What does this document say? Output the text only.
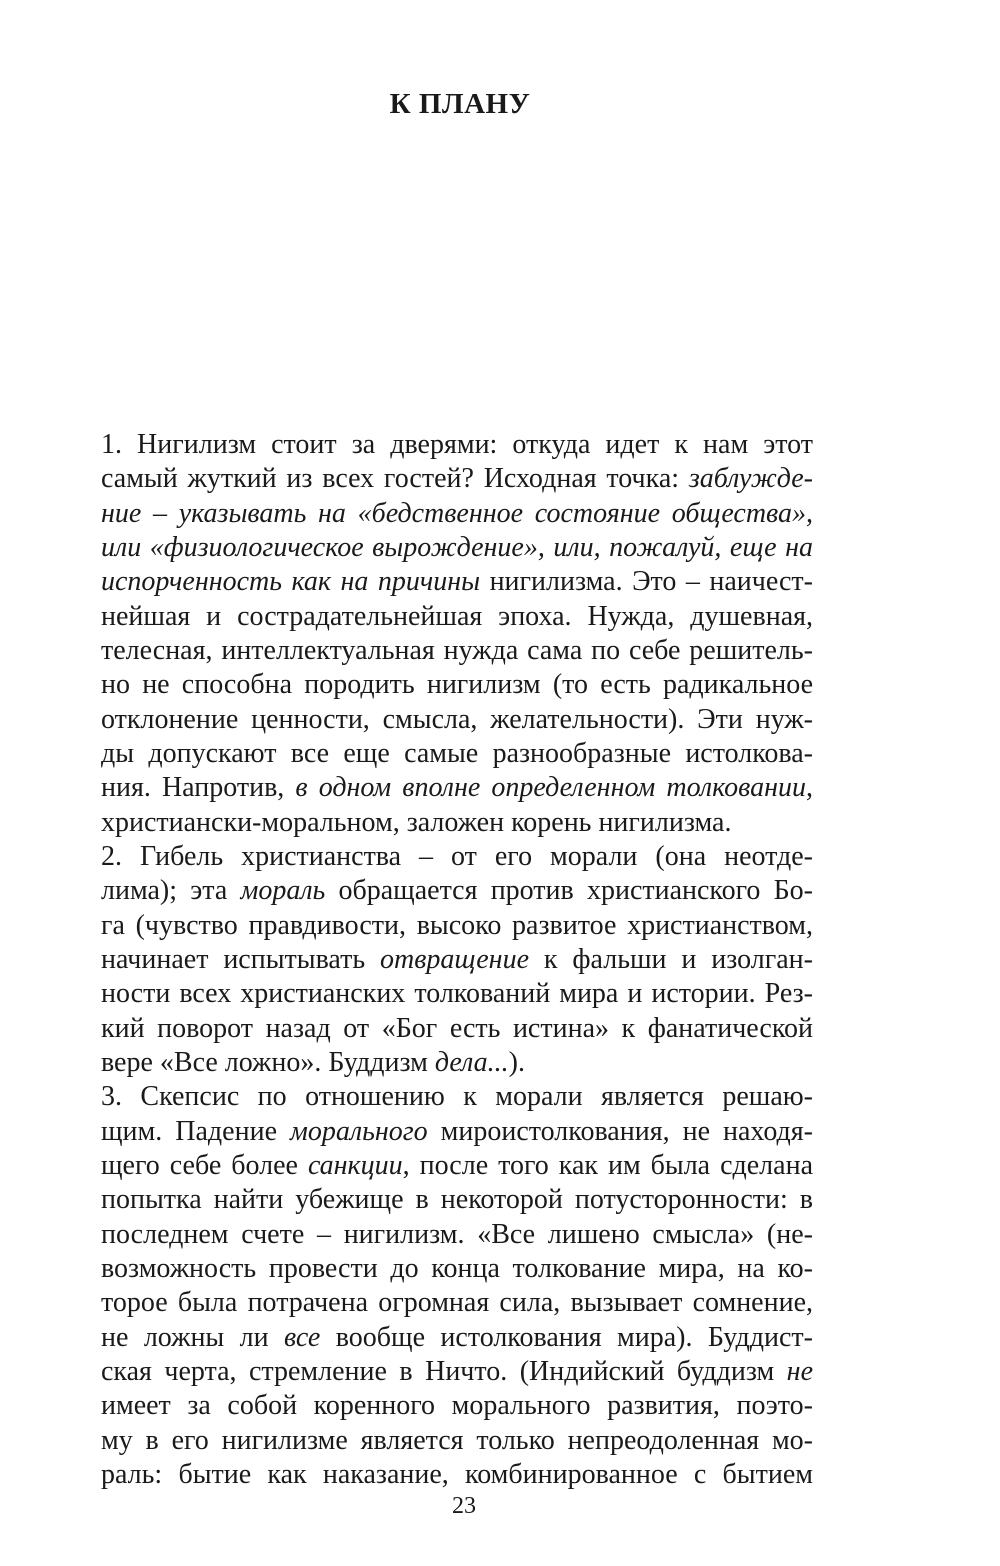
К ПЛАНУ
1. Нигилизм стоит за дверями: откуда идет к нам этот
самый жуткий из всех гостей? Исходная точка: заблужде-
ние – указывать на «бедственное состояние общества»,
или «физиологическое вырождение», или, пожалуй, еще на
испорченность как на причины нигилизма. Это – наичест-
нейшая и сострадательнейшая эпоха. Нужда, душевная,
телесная, интеллектуальная нужда сама по себе решитель-
но не способна породить нигилизм (то есть радикальное
отклонение ценности, смысла, желательности). Эти нуж-
ды допускают все еще самые разнообразные истолкова-
ния. Напротив, в одном вполне определенном толковании,
христиански-моральном, заложен корень нигилизма.
2. Гибель христианства – от его морали (она неотде-
лима); эта мораль обращается против христианского Бо-
га (чувство правдивости, высоко развитое христианством,
начинает испытывать отвращение к фальши и изолган-
ности всех христианских толкований мира и истории. Рез-
кий поворот назад от «Бог есть истина» к фанатической
вере «Все ложно». Буддизм дела...).
3. Скепсис по отношению к морали является решаю-
щим. Падение морального мироистолкования, не находя-
щего себе более санкции, после того как им была сделана
попытка найти убежище в некоторой потусторонности: в
последнем счете – нигилизм. «Все лишено смысла» (не-
возможность провести до конца толкование мира, на ко-
торое была потрачена огромная сила, вызывает сомнение,
не ложны ли все вообще истолкования мира). Буддист-
ская черта, стремление в Ничто. (Индийский буддизм не
имеет за собой коренного морального развития, поэто-
му в его нигилизме является только непреодоленная мо-
раль: бытие как наказание, комбинированное с бытием
23
